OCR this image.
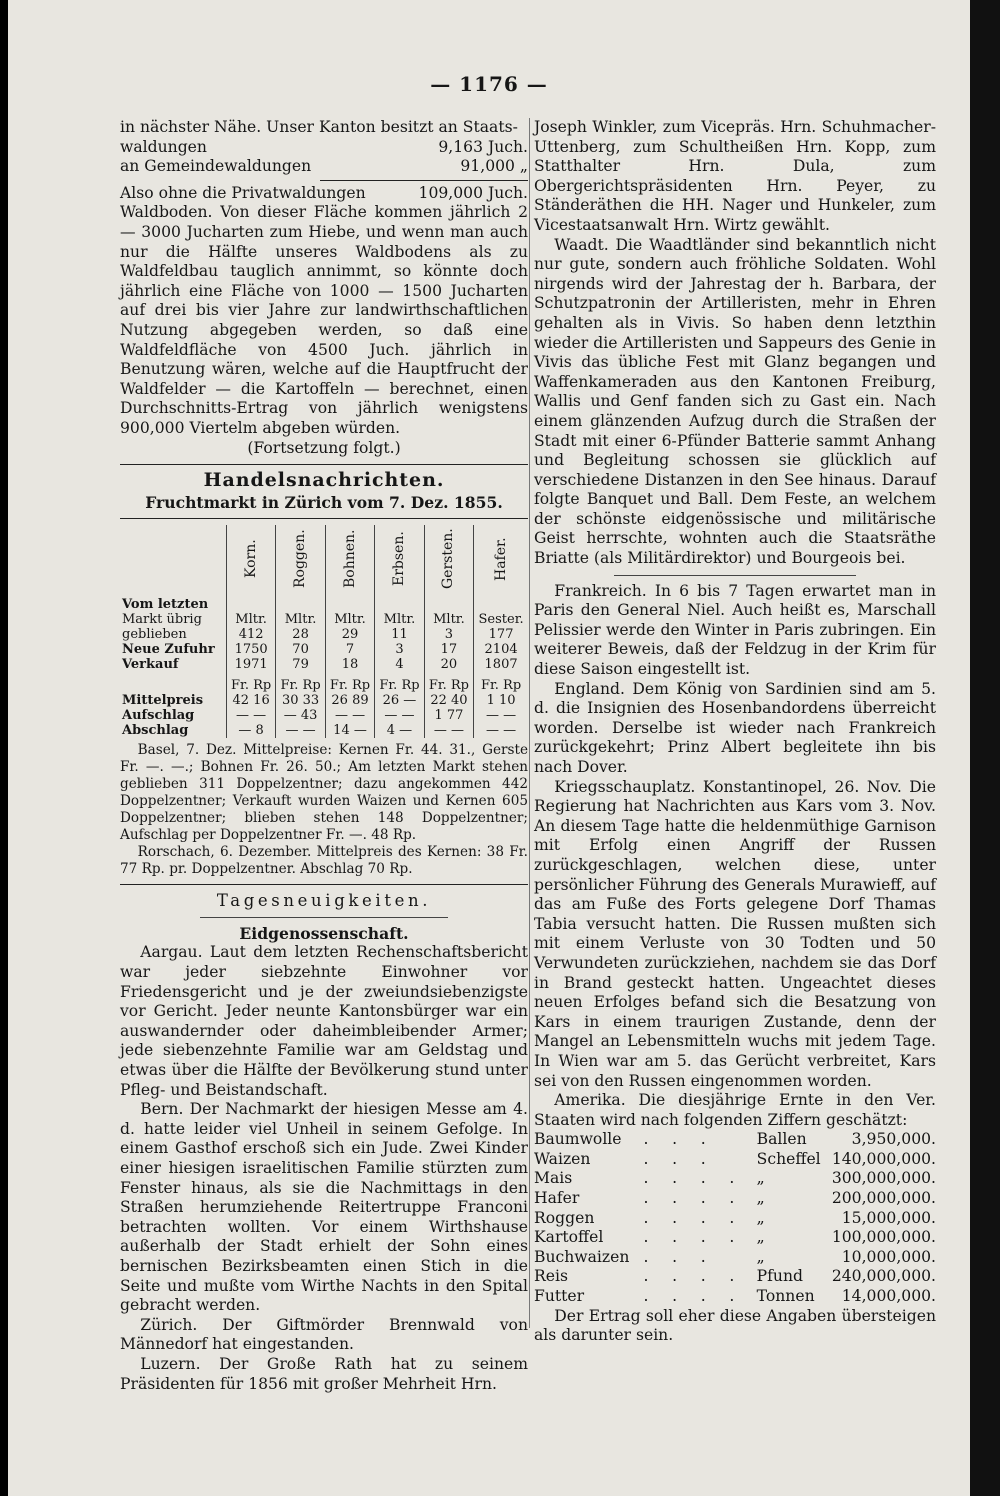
— 1176 —

in nächster Nähe. Unser Kanton besitzt an Staats-

waldungen	9,163 Juch.
an Gemeindewaldungen	91,000 „
Also ohne die Privatwaldungen	109,000 Juch.

Waldboden. Von dieser Fläche kommen jährlich 2 — 3000 Jucharten zum Hiebe, und wenn man auch nur die Hälfte unseres Waldbodens als zu Waldfeldbau tauglich annimmt, so könnte doch jährlich eine Fläche von 1000 — 1500 Jucharten auf drei bis vier Jahre zur landwirthschaftlichen Nutzung abgegeben werden, so daß eine Waldfeldfläche von 4500 Juch. jährlich in Benutzung wären, welche auf die Hauptfrucht der Waldfelder — die Kartoffeln — berechnet, einen Durchschnitts-Ertrag von jährlich wenigstens 900,000 Viertelm abgeben würden.

(Fortsetzung folgt.)

Handelsnachrichten.
Fruchtmarkt in Zürich vom 7. Dez. 1855.
	Korn.	Roggen.	Bohnen.	Erbsen.	Gersten.	Hafer.

Vom letzten
Markt übrig	Mltr.	Mltr.	Mltr.	Mltr.	Mltr.	Sester.
geblieben	412	28	29	11	3	177
Neue Zufuhr	1750	70	7	3	17	2104
Verkauf	1971	79	18	4	20	1807

	Fr. Rp	Fr. Rp	Fr. Rp	Fr. Rp	Fr. Rp	Fr. Rp
Mittelpreis	42 16	30 33	26 89	26 —	22 40	1 10
Aufschlag	— —	— 43	— —	— —	1 77	— —
Abschlag	— 8	— —	14 —	4 —	— —	— —

Basel, 7. Dez. Mittelpreise: Kernen Fr. 44. 31., Gerste Fr. —. —.; Bohnen Fr. 26. 50.; Am letzten Markt stehen geblieben 311 Doppelzentner; dazu angekommen 442 Doppelzentner; Verkauft wurden Waizen und Kernen 605 Doppelzentner; blieben stehen 148 Doppelzentner; Aufschlag per Doppelzentner Fr. —. 48 Rp.

Rorschach, 6. Dezember. Mittelpreis des Kernen: 38 Fr. 77 Rp. pr. Doppelzentner. Abschlag 70 Rp.

Tagesneuigkeiten.
Eidgenossenschaft.

Aargau. Laut dem letzten Rechenschaftsbericht war jeder siebzehnte Einwohner vor Friedensgericht und je der zweiundsiebenzigste vor Gericht. Jeder neunte Kantonsbürger war ein auswandernder oder daheimbleibender Armer; jede siebenzehnte Familie war am Geldstag und etwas über die Hälfte der Bevölkerung stund unter Pfleg- und Beistandschaft.

Bern. Der Nachmarkt der hiesigen Messe am 4. d. hatte leider viel Unheil in seinem Gefolge. In einem Gasthof erschoß sich ein Jude. Zwei Kinder einer hiesigen israelitischen Familie stürzten zum Fenster hinaus, als sie die Nachmittags in den Straßen herumziehende Reitertruppe Franconi betrachten wollten. Vor einem Wirthshause außerhalb der Stadt erhielt der Sohn eines bernischen Bezirksbeamten einen Stich in die Seite und mußte vom Wirthe Nachts in den Spital gebracht werden.

Zürich. Der Giftmörder Brennwald von Männedorf hat eingestanden.

Luzern. Der Große Rath hat zu seinem Präsidenten für 1856 mit großer Mehrheit Hrn.

Joseph Winkler, zum Vicepräs. Hrn. Schuhmacher-Uttenberg, zum Schultheißen Hrn. Kopp, zum Statthalter Hrn. Dula, zum Obergerichtspräsidenten Hrn. Peyer, zu Ständeräthen die HH. Nager und Hunkeler, zum Vicestaatsanwalt Hrn. Wirtz gewählt.

Waadt. Die Waadtländer sind bekanntlich nicht nur gute, sondern auch fröhliche Soldaten. Wohl nirgends wird der Jahrestag der h. Barbara, der Schutzpatronin der Artilleristen, mehr in Ehren gehalten als in Vivis. So haben denn letzthin wieder die Artilleristen und Sappeurs des Genie in Vivis das übliche Fest mit Glanz begangen und Waffenkameraden aus den Kantonen Freiburg, Wallis und Genf fanden sich zu Gast ein. Nach einem glänzenden Aufzug durch die Straßen der Stadt mit einer 6-Pfünder Batterie sammt Anhang und Begleitung schossen sie glücklich auf verschiedene Distanzen in den See hinaus. Darauf folgte Banquet und Ball. Dem Feste, an welchem der schönste eidgenössische und militärische Geist herrschte, wohnten auch die Staatsräthe Briatte (als Militärdirektor) und Bourgeois bei.

Frankreich. In 6 bis 7 Tagen erwartet man in Paris den General Niel. Auch heißt es, Marschall Pelissier werde den Winter in Paris zubringen. Ein weiterer Beweis, daß der Feldzug in der Krim für diese Saison eingestellt ist.

England. Dem König von Sardinien sind am 5. d. die Insignien des Hosenbandordens überreicht worden. Derselbe ist wieder nach Frankreich zurückgekehrt; Prinz Albert begleitete ihn bis nach Dover.

Kriegsschauplatz. Konstantinopel, 26. Nov. Die Regierung hat Nachrichten aus Kars vom 3. Nov. An diesem Tage hatte die heldenmüthige Garnison mit Erfolg einen Angriff der Russen zurückgeschlagen, welchen diese, unter persönlicher Führung des Generals Murawieff, auf das am Fuße des Forts gelegene Dorf Thamas Tabia versucht hatten. Die Russen mußten sich mit einem Verluste von 30 Todten und 50 Verwundeten zurückziehen, nachdem sie das Dorf in Brand gesteckt hatten. Ungeachtet dieses neuen Erfolges befand sich die Besatzung von Kars in einem traurigen Zustande, denn der Mangel an Lebensmitteln wuchs mit jedem Tage. In Wien war am 5. das Gerücht verbreitet, Kars sei von den Russen eingenommen worden.

Amerika. Die diesjährige Ernte in den Ver. Staaten wird nach folgenden Ziffern geschätzt:

Baumwolle	. . .	Ballen	3,950,000.
Waizen	. . .	Scheffel	140,000,000.
Mais	. . . .	„	300,000,000.
Hafer	. . . .	„	200,000,000.
Roggen	. . . .	„	15,000,000.
Kartoffel	. . . .	„	100,000,000.
Buchwaizen	. . .	„	10,000,000.
Reis	. . . .	Pfund	240,000,000.
Futter	. . . .	Tonnen	14,000,000.

Der Ertrag soll eher diese Angaben übersteigen als darunter sein.
